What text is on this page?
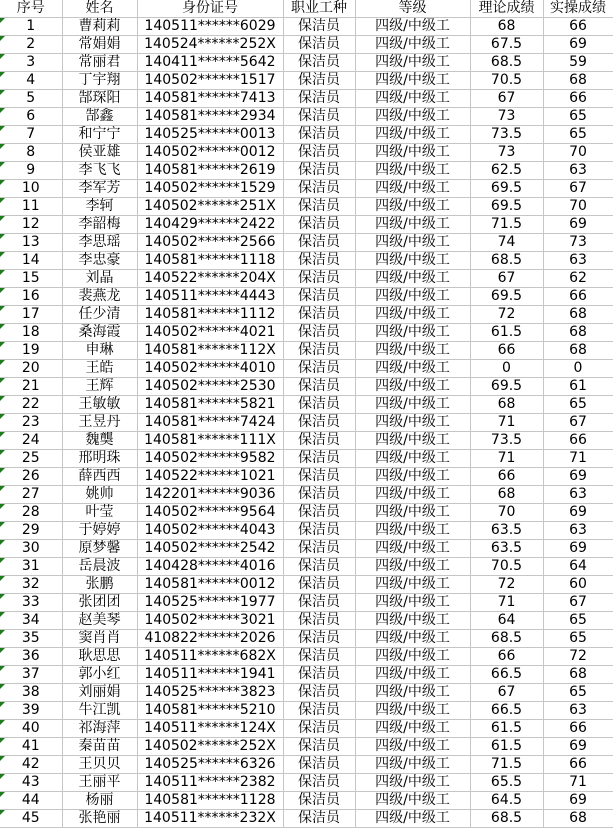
序号	姓名	身份证号	职业工种	等级	理论成绩	实操成绩

1	曹莉莉	140511******6029	保洁员	四级/中级工	68	66

2	常娟娟	140524******252X	保洁员	四级/中级工	67.5	69

3	常丽君	140411******5642	保洁员	四级/中级工	68.5	59

4	丁宇翔	140502******1517	保洁员	四级/中级工	70.5	68

5	郜琛阳	140581******7413	保洁员	四级/中级工	67	66

6	郜鑫	140581******2934	保洁员	四级/中级工	73	65

7	和宁宁	140525******0013	保洁员	四级/中级工	73.5	65

8	侯亚雄	140502******0012	保洁员	四级/中级工	73	70

9	李飞飞	140581******2619	保洁员	四级/中级工	62.5	63

10	李军芳	140502******1529	保洁员	四级/中级工	69.5	67

11	李轲	140502******251X	保洁员	四级/中级工	69.5	70

12	李韶梅	140429******2422	保洁员	四级/中级工	71.5	69

13	李思瑶	140502******2566	保洁员	四级/中级工	74	73

14	李忠豪	140581******1118	保洁员	四级/中级工	68.5	63

15	刘晶	140522******204X	保洁员	四级/中级工	67	62

16	裴燕龙	140511******4443	保洁员	四级/中级工	69.5	66

17	任少清	140581******1112	保洁员	四级/中级工	72	68

18	桑海霞	140502******4021	保洁员	四级/中级工	61.5	68

19	申琳	140581******112X	保洁员	四级/中级工	66	68

20	王皓	140502******4010	保洁员	四级/中级工	0	0

21	王辉	140502******2530	保洁员	四级/中级工	69.5	61

22	王敏敏	140581******5821	保洁员	四级/中级工	68	65

23	王昱丹	140581******7424	保洁员	四级/中级工	71	67

24	魏龑	140581******111X	保洁员	四级/中级工	73.5	66

25	邢明珠	140502******9582	保洁员	四级/中级工	71	71

26	薛西西	140522******1021	保洁员	四级/中级工	66	69

27	姚帅	142201******9036	保洁员	四级/中级工	68	63

28	叶莹	140502******9564	保洁员	四级/中级工	70	69

29	于婷婷	140502******4043	保洁员	四级/中级工	63.5	63

30	原梦馨	140502******2542	保洁员	四级/中级工	63.5	69

31	岳晨波	140428******4016	保洁员	四级/中级工	70.5	64

32	张鹏	140581******0012	保洁员	四级/中级工	72	60

33	张团团	140525******1977	保洁员	四级/中级工	71	67

34	赵美琴	140502******3021	保洁员	四级/中级工	64	65

35	窦肖肖	410822******2026	保洁员	四级/中级工	68.5	65

36	耿思思	140511******682X	保洁员	四级/中级工	66	72

37	郭小红	140511******1941	保洁员	四级/中级工	66.5	68

38	刘丽娟	140525******3823	保洁员	四级/中级工	67	65

39	牛江凯	140581******5210	保洁员	四级/中级工	66.5	63

40	祁海萍	140511******124X	保洁员	四级/中级工	61.5	66

41	秦苗苗	140502******252X	保洁员	四级/中级工	61.5	69

42	王贝贝	140525******6326	保洁员	四级/中级工	71.5	66

43	王丽平	140511******2382	保洁员	四级/中级工	65.5	71

44	杨丽	140581******1128	保洁员	四级/中级工	64.5	69

45	张艳丽	140511******232X	保洁员	四级/中级工	68.5	68
